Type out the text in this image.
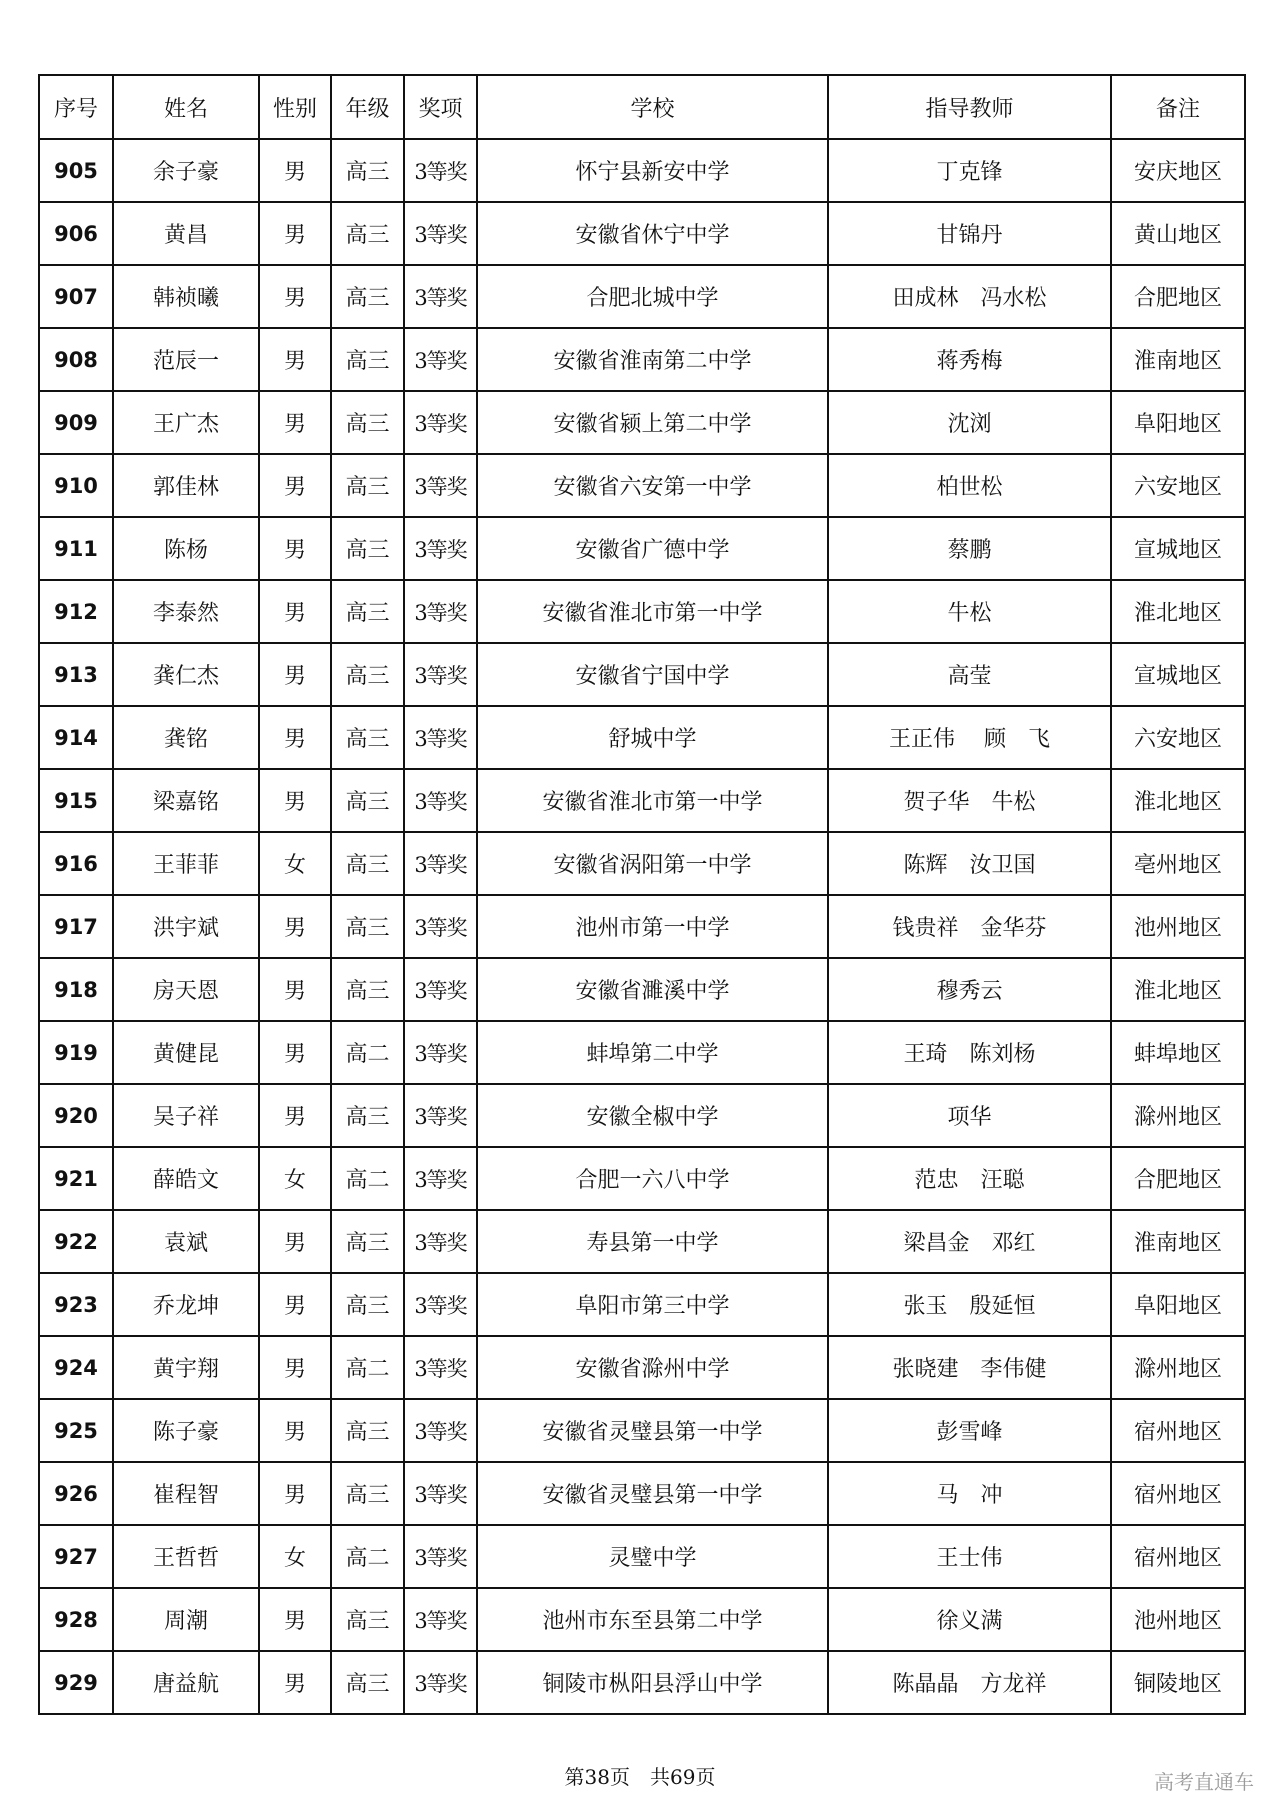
序号	姓名	性别	年级	奖项	学校	指导教师	备注
905	余子豪	男	高三	3等奖	怀宁县新安中学	丁克锋	安庆地区
906	黄昌	男	高三	3等奖	安徽省休宁中学	甘锦丹	黄山地区
907	韩祯曦	男	高三	3等奖	合肥北城中学	田成林　冯水松	合肥地区
908	范辰一	男	高三	3等奖	安徽省淮南第二中学	蒋秀梅	淮南地区
909	王广杰	男	高三	3等奖	安徽省颍上第二中学	沈浏	阜阳地区
910	郭佳林	男	高三	3等奖	安徽省六安第一中学	柏世松	六安地区
911	陈杨	男	高三	3等奖	安徽省广德中学	蔡鹏	宣城地区
912	李泰然	男	高三	3等奖	安徽省淮北市第一中学	牛松	淮北地区
913	龚仁杰	男	高三	3等奖	安徽省宁国中学	高莹	宣城地区
914	龚铭	男	高三	3等奖	舒城中学	王正伟　 顾　飞	六安地区
915	梁嘉铭	男	高三	3等奖	安徽省淮北市第一中学	贺子华　牛松	淮北地区
916	王菲菲	女	高三	3等奖	安徽省涡阳第一中学	陈辉　汝卫国	亳州地区
917	洪宇斌	男	高三	3等奖	池州市第一中学	钱贵祥　金华芬	池州地区
918	房天恩	男	高三	3等奖	安徽省濉溪中学	穆秀云	淮北地区
919	黄健昆	男	高二	3等奖	蚌埠第二中学	王琦　陈刘杨	蚌埠地区
920	吴子祥	男	高三	3等奖	安徽全椒中学	项华	滁州地区
921	薛皓文	女	高二	3等奖	合肥一六八中学	范忠　汪聪	合肥地区
922	袁斌	男	高三	3等奖	寿县第一中学	梁昌金　邓红	淮南地区
923	乔龙坤	男	高三	3等奖	阜阳市第三中学	张玉　殷延恒	阜阳地区
924	黄宇翔	男	高二	3等奖	安徽省滁州中学	张晓建　李伟健	滁州地区
925	陈子豪	男	高三	3等奖	安徽省灵璧县第一中学	彭雪峰	宿州地区
926	崔程智	男	高三	3等奖	安徽省灵璧县第一中学	马　冲	宿州地区
927	王哲哲	女	高二	3等奖	灵璧中学	王士伟	宿州地区
928	周潮	男	高三	3等奖	池州市东至县第二中学	徐义满	池州地区
929	唐益航	男	高三	3等奖	铜陵市枞阳县浮山中学	陈晶晶　方龙祥	铜陵地区
第38页　共69页	高考直通车
